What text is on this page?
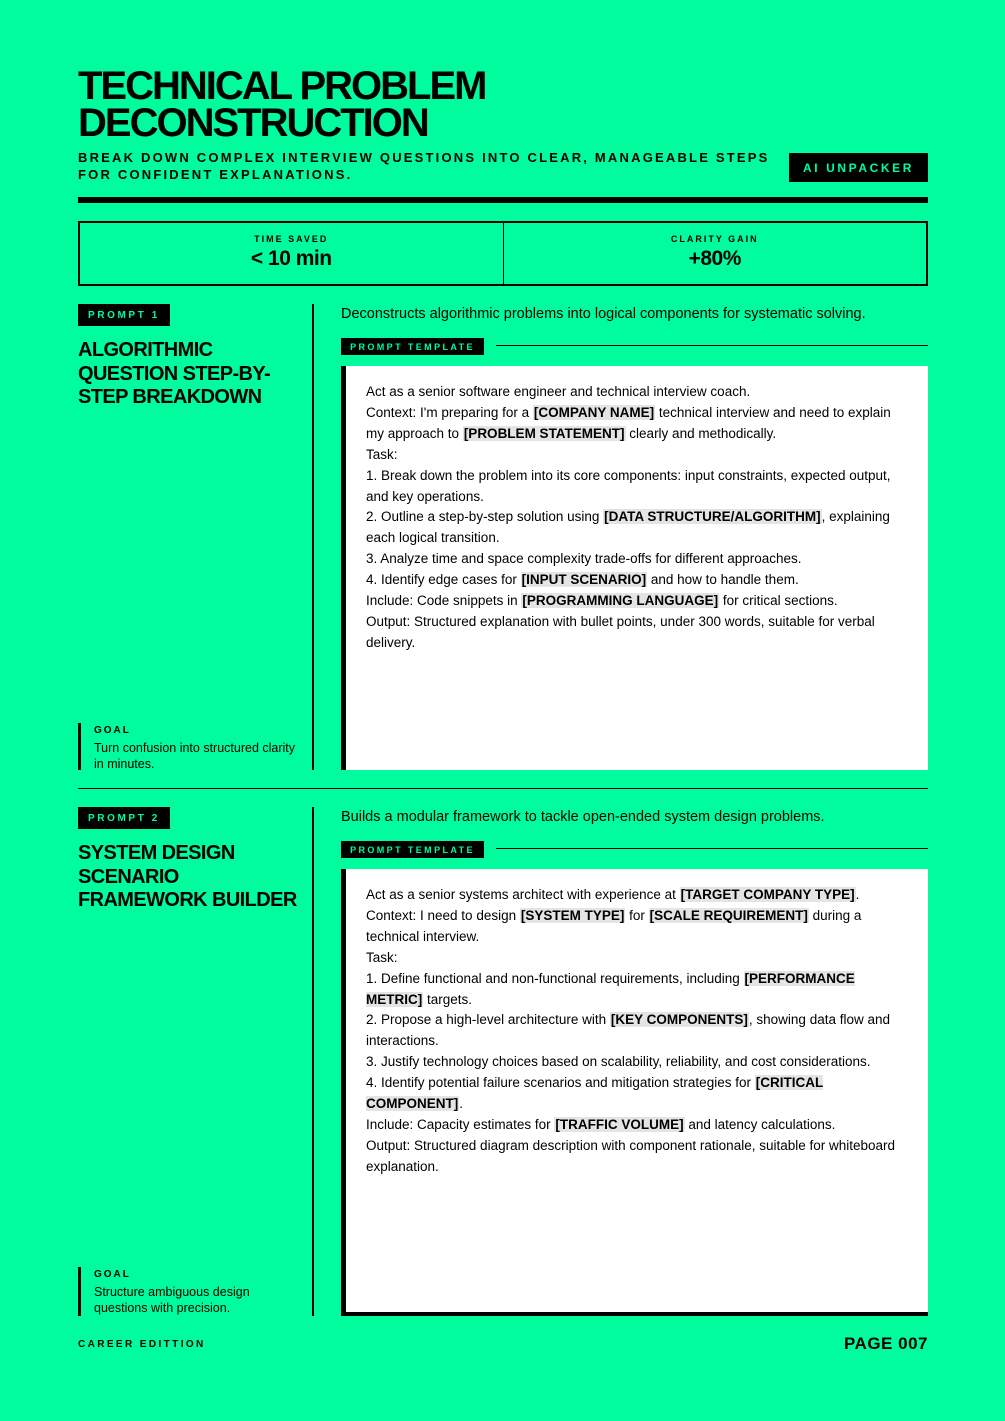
TECHNICAL PROBLEM DECONSTRUCTION

BREAK DOWN COMPLEX INTERVIEW QUESTIONS INTO CLEAR, MANAGEABLE STEPS FOR CONFIDENT EXPLANATIONS.	AI UNPACKER
TIME SAVED
< 10 min
CLARITY GAIN
+80%
PROMPT 1
ALGORITHMIC QUESTION STEP-BY-STEP BREAKDOWN
GOAL
Turn confusion into structured clarity in minutes.
Deconstructs algorithmic problems into logical components for systematic solving.
PROMPT TEMPLATE

Act as a senior software engineer and technical interview coach.

Context: I'm preparing for a [COMPANY NAME] technical interview and need to explain my approach to [PROBLEM STATEMENT] clearly and methodically.

Task:

1. Break down the problem into its core components: input constraints, expected output, and key operations.

2. Outline a step-by-step solution using [DATA STRUCTURE/ALGORITHM], explaining each logical transition.

3. Analyze time and space complexity trade-offs for different approaches.

4. Identify edge cases for [INPUT SCENARIO] and how to handle them.

Include: Code snippets in [PROGRAMMING LANGUAGE] for critical sections.

Output: Structured explanation with bullet points, under 300 words, suitable for verbal delivery.

PROMPT 2
SYSTEM DESIGN SCENARIO FRAMEWORK BUILDER
GOAL
Structure ambiguous design questions with precision.
Builds a modular framework to tackle open-ended system design problems.
PROMPT TEMPLATE

Act as a senior systems architect with experience at [TARGET COMPANY TYPE].

Context: I need to design [SYSTEM TYPE] for [SCALE REQUIREMENT] during a technical interview.

Task:

1. Define functional and non-functional requirements, including [PERFORMANCE METRIC] targets.

2. Propose a high-level architecture with [KEY COMPONENTS], showing data flow and interactions.

3. Justify technology choices based on scalability, reliability, and cost considerations.

4. Identify potential failure scenarios and mitigation strategies for [CRITICAL COMPONENT].

Include: Capacity estimates for [TRAFFIC VOLUME] and latency calculations.

Output: Structured diagram description with component rationale, suitable for whiteboard explanation.

CAREER EDITTION	PAGE 007
